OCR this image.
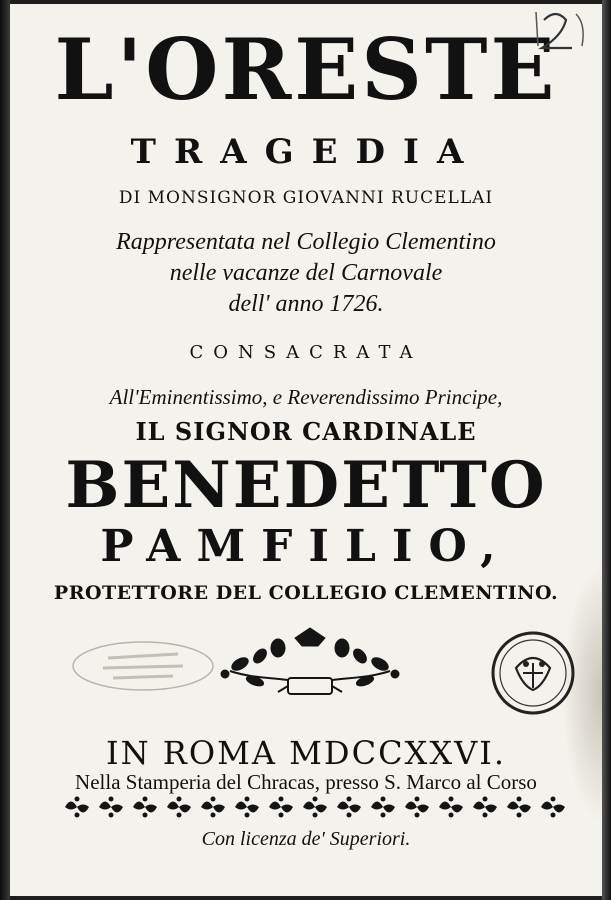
L'ORESTE
TRAGEDIA
DI MONSIGNOR GIOVANNI RUCELLAI
Rappresentata nel Collegio Clementino
nelle vacanze del Carnovale
dell' anno 1726.
CONSACRATA
All'Eminentissimo, e Reverendissimo Principe,
IL SIGNOR CARDINALE
BENEDETTO
PAMFILIO,
PROTETTORE DEL COLLEGIO CLEMENTINO.
IN ROMA MDCCXXVI.
Nella Stamperia del Chracas, presso S. Marco al Corso
Con licenza de' Superiori.
